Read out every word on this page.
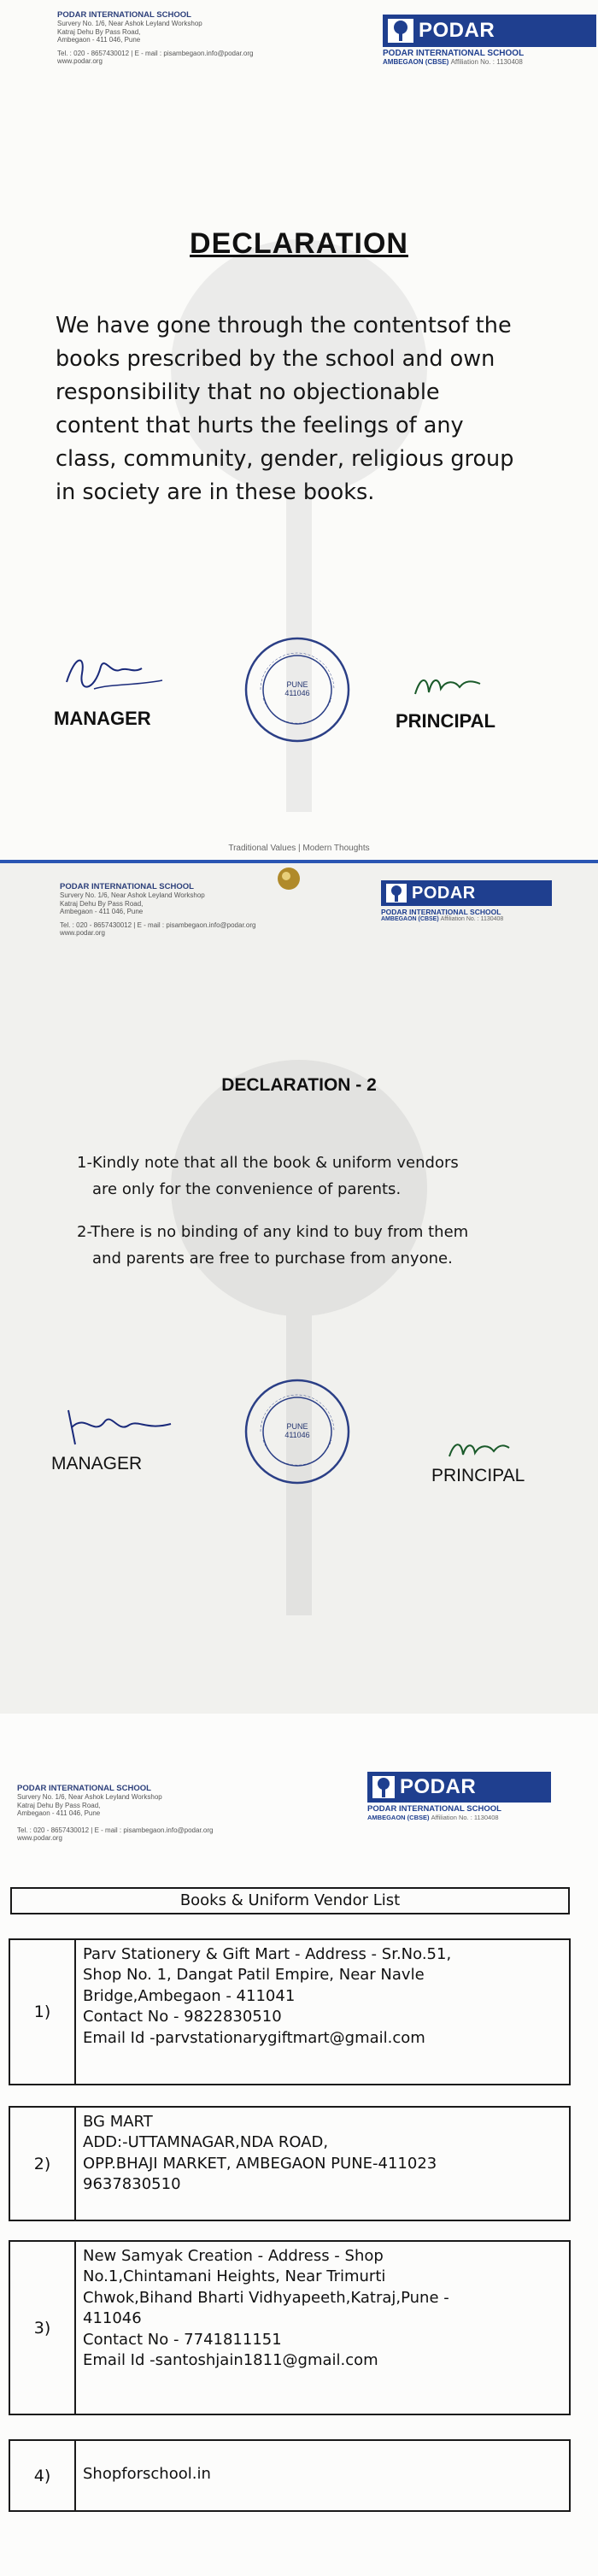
PODAR INTERNATIONAL SCHOOL
Survery No. 1/6, Near Ashok Leyland Workshop
Katraj Dehu By Pass Road,
Ambegaon - 411 046, Pune
Tel. : 020 - 8657430012 | E - mail : pisambegaon.info@podar.org
www.podar.org
PODAR
PODAR INTERNATIONAL SCHOOL
AMBEGAON (CBSE) Affiliation No. : 1130408
DECLARATION
We have gone through the contentsof the
books prescribed by the school and own
responsibility that no objectionable
content that hurts the feelings of any
class, community, gender, religious group
in society are in these books.
MANAGER
PUNE
411046
PRINCIPAL
Traditional Values | Modern Thoughts
PODAR INTERNATIONAL SCHOOL
Survery No. 1/6, Near Ashok Leyland Workshop
Katraj Dehu By Pass Road,
Ambegaon - 411 046, Pune
Tel. : 020 - 8657430012 | E - mail : pisambegaon.info@podar.org
www.podar.org
PODAR
PODAR INTERNATIONAL SCHOOL
AMBEGAON (CBSE) Affiliation No. : 1130408
DECLARATION - 2
1-Kindly note that all the book & uniform vendors
are only for the convenience of parents.
2-There is no binding of any kind to buy from them
and parents are free to purchase from anyone.
MANAGER
PUNE
411046
PRINCIPAL
PODAR INTERNATIONAL SCHOOL
Survery No. 1/6, Near Ashok Leyland Workshop
Katraj Dehu By Pass Road,
Ambegaon - 411 046, Pune
Tel. : 020 - 8657430012 | E - mail : pisambegaon.info@podar.org
www.podar.org
PODAR
PODAR INTERNATIONAL SCHOOL
AMBEGAON (CBSE) Affiliation No. : 1130408
Books & Uniform Vendor List
1)
Parv Stationery & Gift Mart - Address - Sr.No.51,
Shop No. 1, Dangat Patil Empire, Near Navle
Bridge,Ambegaon - 411041
Contact No - 9822830510
Email Id -parvstationarygiftmart@gmail.com
2)
BG MART
ADD:-UTTAMNAGAR,NDA ROAD,
OPP.BHAJI MARKET, AMBEGAON PUNE-411023
9637830510
3)
New Samyak Creation - Address - Shop
No.1,Chintamani Heights, Near Trimurti
Chwok,Bihand Bharti Vidhyapeeth,Katraj,Pune -
411046
Contact No - 7741811151
Email Id -santoshjain1811@gmail.com
4)	Shopforschool.in
